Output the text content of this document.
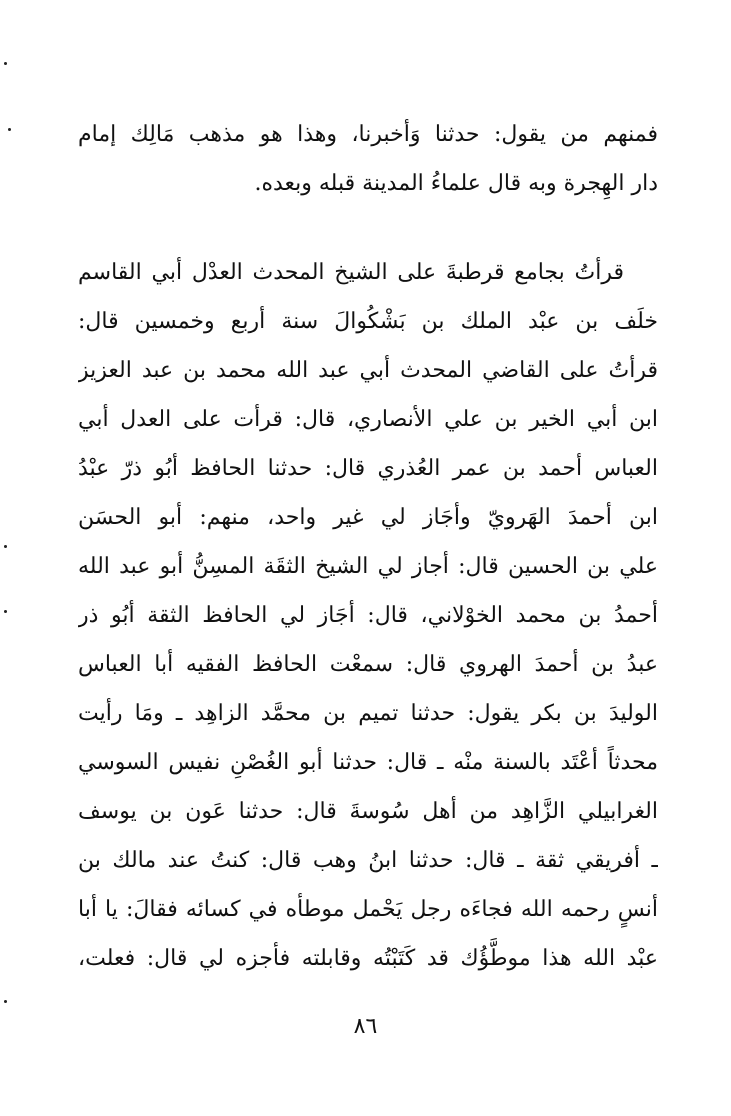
فمنهم من يقول: حدثنا وَأخبرنا، وهذا هو مذهب مَالِك إمام
دار الهِجرة وبه قال علماءُ المدينة قبله وبعده.
قرأتُ بجامع قرطبةَ على الشيخ المحدث العدْل أبي القاسم
خلَف بن عبْد الملك بن بَشْكُوالَ سنة أربع وخمسين قال:
قرأتُ على القاضي المحدث أبي عبد الله محمد بن عبد العزيز
ابن أبي الخير بن علي الأنصاري، قال: قرأت على العدل أبي
العباس أحمد بن عمر العُذري قال: حدثنا الحافظ أبُو ذرّ عبْدُ
ابن أحمدَ الهَرويّ وأجَاز لي غير واحد، منهم: أبو الحسَن
علي بن الحسين قال: أجاز لي الشيخ الثقَة المسِنُّ أبو عبد الله
أحمدُ بن محمد الخوْلاني، قال: أجَاز لي الحافظ الثقة أبُو ذر
عبدُ بن أحمدَ الهروي قال: سمعْت الحافظ الفقيه أبا العباس
الوليدَ بن بكر يقول: حدثنا تميم بن محمَّد الزاهِد ـ ومَا رأيت
محدثاً أعْتَد بالسنة منْه ـ قال: حدثنا أبو الغُصْنِ نفيس السوسي
الغرابيلي الزَّاهِد من أهل سُوسةَ قال: حدثنا عَون بن يوسف
ـ أفريقي ثقة ـ قال: حدثنا ابنُ وهب قال: كنتُ عند مالك بن
أنسٍ رحمه الله فجاءَه رجل يَحْمل موطأه في كسائه فقالَ: يا أبا
عبْد الله هذا موطَّؤُك قد كَتَبْتُه وقابلته فأجزه لي قال: فعلت،
٨٦
